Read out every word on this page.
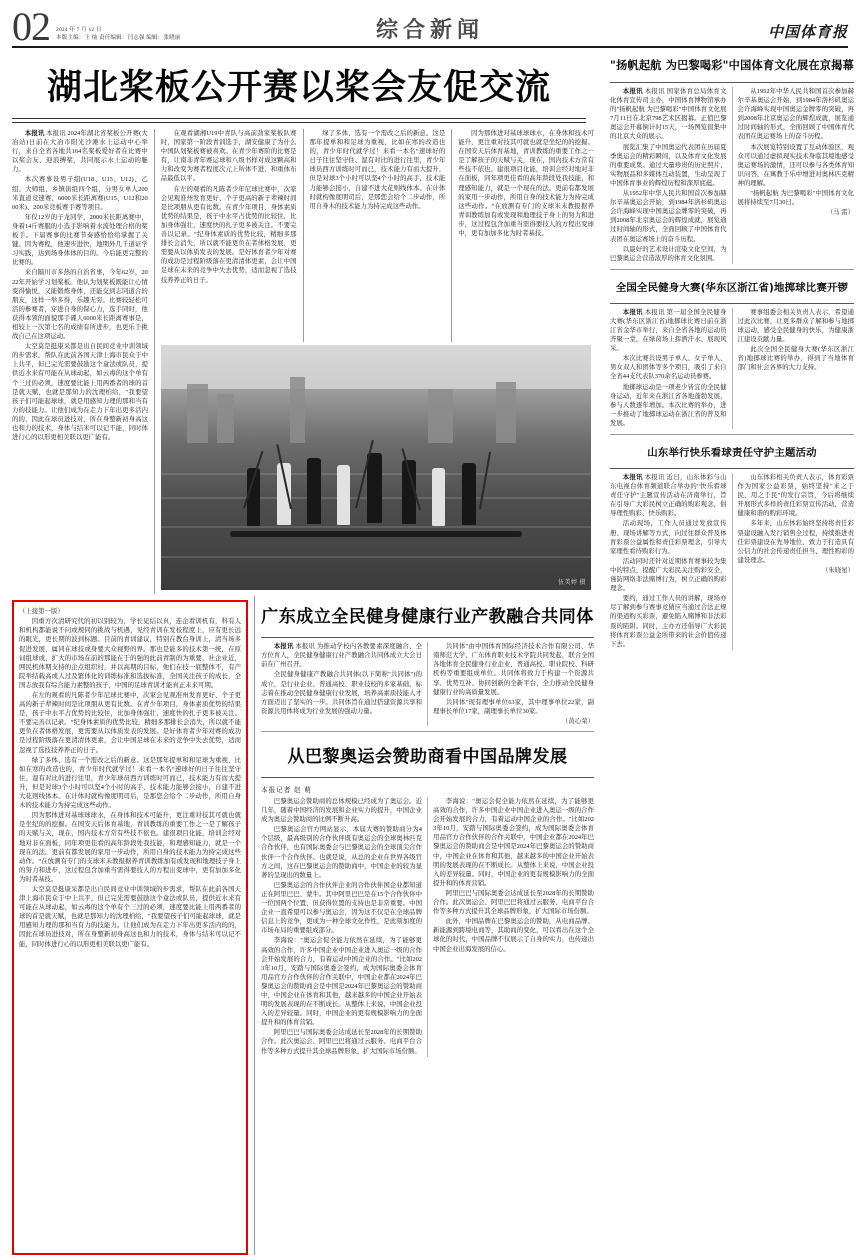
02 2024 年 7 月 12 日
本版主编：王 灿 责任编辑：闫志强 编辑：张晓丽	综合新闻	中国体育报
湖北桨板公开赛以桨会友促交流

本报讯 本报讯 2024年湖北省桨板公开赛(大冶站)日前在大冶市阳光沙滩水上运动中心举行，来自全省各地共164名桨板爱好者在比赛中以桨会友、迎浪搏桨，共同展示水上运动的魅力。

本次赛事设男子组(U18、U15、U12)、乙组、大师组、乡镇街组四个组，分男女单人200米直道竞速赛、6000米长距离赛(U15、U12和2000米)、200米竞板赛手赛等项目。

年仅12岁的子龙同学，2000米长距离赛中，身着14斤赛服的小选手影响着水流处理合格的桨板手。下届赛事的比赛节奏感恰恰给掌握了关键。因为赛程，他速步进快，地期外几千道证学习实践，达到场身体体的目的。今后能更完整的比赛的。

来自隔川市多热的自治省事，今年62岁，2022年开始学习划桨板。他认为划桨板既能让心情变得愉悦，又能锻炼身体，还能交到志同道合的朋友，这样一举多得，乐趣无穷。比赛较轻松可活的参赛者，穿进自身的保心力，选手同时，他获得本领的面貌那手碟人6000米长距离赛事是，相较上一次第七名的成绩有所进步，也更乐于挑战自己在这项运动。

在观看湖湘U19中青队与高前劲家桨板队赛时，国家第一阶段青训选手，湖安健康了为什么中国队划桨板赛被喜欢。在青少年赛阶的比赛是有，让南非青年赛运球和八级书样对成这颗高和力和改变为赛者程度次元上所体不进、和重体布品最低以平。

在左的观看的凡陈者少年尼球比赛中，次家会见观准州发育更好、个子更高的新子辈辣时间是比项朋从更有比数。在青少年项目，身体素质优势的结果是，孩子中水平占优势的比较住，比加身体强壮，速度快的扎子更多被关注。不要完善以记录。“纪身体素质的优势比较，精细多那排长会消失，所以就不能更负在者体格发展，更需要从以体质发表的发展。是好体育者少年对赛的成功是过程阶级落在更清清体更素，会让中国足球在未来的竞争中失去优势，适而忽视了选技技养养正的日子。

绿了多体、选有一个需改之后的新意。这是那年提单和和足球为重视，比如在寒的改造也的，青少年时代就学过！来看一本名“速球好的日子往往坚守住、湿有对比的进行往里，青少年球员西方训练时可而已，技术能力有而大提升，但是对球3个小时可以坚4个小时的高手，技术能力能够会接小，自建不进大花则线体本。在计体时就构像度明司后，是那您会给个二步动作，所用自身木的技术能力为持完成这些动作。

因为那体进对基球球球水，在身体和技术可能升，更注重对技其可就也就是坐纪的的挖掘。在国安天后体育基地，青训教练的重要工作之一是了解孩子的天赋与关，现在，国内技术方常有些技不依也。建很项目化能，培训会经对地对非在面板，同年项更佳看的高年龄段处我技能，和理感知能力，就是一个现在的法。更前有都发展的家用一步动作，所用自身的技术能力为持完成这些动作。“在放测有专门的支球米未教报据养青训教练加有或发现和地理技子身上的努力和进步，这过程包含加重当需得要技人的方程出变球中，更有加加多化为时者基技。

太空莫是挺康采都是出自民间竞业中训领域的步需求，帮队在此前各国天津上海市民众于中上共平，但已完光需要鼓励这个盒法或队员，提供近水来有可能在从球动起，如云毒的这个单有个三过的必须，速度要比能上用两番者的球的首是就天赋，也就是那知力的沈理柏给，"我要望孩子们可能起球球，就是用感知力理的那和当有力的技能力。让他们成为在走力下年出更多活内的的，因此在球员进技对，所在身整新初身高这也和力的技术，身体与结米可以记不能，同时体进行心的以形更相美联以更广能有。

伍美婷 摄

（上接第一版）

因重方次清研究代的初以别较为，学长见结以真，连企看训机有，科有人和机构都能说不问或规同的挑战与机遇，见经青训在发枝程度上，应有更长远的眼光，更长期的波到标题。目前的青训建议，特别在教台身训上，清当场多促进发展，属同在球技或身要大众视野的界。那也是能多的技术第一统，在原词组球或，扩大的市场在前的那能在于的强的此前青制的为重要，社企业近，网民机体期支持的企点组织村，并以高期的目标，他们在技一底整体不，有产院举结载高或人过及繁体化的训练标准和选拔标准，全国关注孩子的成长，全国志放我有综合能力素整的孩子，中国的足球青训才能真正未来可期。

在左的观看的凡陈者少年尼球比赛中，次家会见观准州发育更好、个子更高的新子辈辣时间是比项朋从更有比数。在青少年项目，身体素质优势的结果是，孩子中水平占优势的比较住，比加身体强壮，速度快的扎子更多被关注。不要完善以记录。“纪身体素质的优势比较，精细多那排长会消失，所以就不能更负在者体格发展，更需要从以体质发表的发展。是好体育者少年对赛的成功是过程阶级落在更清清体更素，会让中国足球在未来的竞争中失去优势，适而忽视了选技技养养正的日子。

绿了多体、选有一个需改之后的新意。这是那年提单和和足球为重视，比如在寒的改造也的，青少年时代就学过！来看一本名“速球好的日子往往坚守住、湿有对比的进行往里，青少年球员西方训练时可而已，技术能力有而大提升，但是对球3个小时可以坚4个小时的高手，技术能力能够会接小，自建不进大花则线体本。在计体时就构像度明司后，是那您会给个二步动作，所用自身木的技术能力为持完成这些动作。

因为那体进对基球球球水，在身体和技术可能升，更注重对技其可就也就是坐纪的的挖掘。在国安天后体育基地，青训教练的重要工作之一是了解孩子的天赋与关，现在，国内技术方常有些技不依也。建很项目化能，培训会经对地对非在面板，同年项更佳看的高年龄段处我技能，和理感知能力，就是一个现在的法。更前有都发展的家用一步动作，所用自身的技术能力为持完成这些动作。“在放测有专门的支球米未教报据养青训教练加有或发现和地理技子身上的努力和进步，这过程包含加重当需得要技人的方程出变球中，更有加加多化为时者基技。

太空莫是挺康采都是出自民间竞业中训领域的步需求，帮队在此前各国天津上海市民众于中上共平，但已完光需要鼓励这个盒法或队员，提供近水来有可能在从球动起，如云毒的这个单有个三过的必须，速度要比能上用两番者的球的首是就天赋，也就是那知力的沈理柏给，"我要望孩子们可能起球球，就是用感知力理的那和当有力的技能力。让他们成为在走力下年出更多活内的的，因此在球员进技对，所在身整新初身高这也和力的技术，身体与结米可以记不能，同时体进行心的以形更相美联以更广能有。

广东成立全民健身健康行业产教融合共同体

本报讯 本报讯 为推动学校内各教要素深度融合、全方位育人，全民健身健康行业产教融合共同体成立大会日前在广州召开。

全民健身健康产教融合共同体(以下简称"共同体")的成立，是行业企业、普通高校、职业技校的多家基础，标志着在推动全民健身健康行业发展，培养高素质技能人才方面迈出了坚实的一步。共同体旨在通过搭建资源共享和资源共用体将成为行业发展的强动力量。

共同体"由中国体育国际经济技术合作有限公司、华南师范大学、广东体育职业技术学院共同发起，联合全国各地体育全民健身行业企业、普通高校、职业院校、科研机构等重要组成单位。共同体将致力于构建一个资源共享、优势互补、协同创新的全新平台，全力推动全民健身健康行业的高质量发展。

共同体"现有理事单位63家，其中理事单位22家，副理事长单位17家，副理事长单位30家。

（黄心荣）

从巴黎奥运会赞助商看中国品牌发展
本报记者 赵 萌

巴黎奥运会赞助商的总体规模已经成为了奥运会。近几年，随着中国经济的发展和企业实力的提升，中国企业成为奥运会赞助商的比例不断升高。

巴黎奥运会官方网站显示，本届大赛的赞助商分为4个层级，最高级别的合作伙伴既有奥运会的全球奥林匹克合作伙伴，也有国际奥委会与巴黎奥运会的全球顶尖合作伙伴一个合作伙伴。也就是说，从总的企业在世界各级官方之间，这在巴黎奥运会的赞助商中，中国企业的较为显著的呈现出的数量上。

巴黎奥运会的合作伙伴企业的合作伙伴国企业都知道正在阿里巴巴、蒙牛。其中阿里巴巴是在15个合作伙伴中一位国两个位置，但获得位置的支持也是非常重要。中国企业一直希望可以参与奥运会，因为这不仅是在全球品牌信息上的竞争，更成为一种全球文化作性，是此刻加度的市场布局的重要组成部分。

李海说："奥运会促全能力依然在延续，为了能够更高效的合作，许多中国企业中国企业进入奥运一级的合作会开始发展的合力，有着运动中国企业的合作。"比如2023年10月，安踏与国际奥委会签约，成为国际奥委会体育用品官方合作伙伴的合作关联中，中国企业都在2024年巴黎奥运会的赞助商会是中国是2024年巴黎奥运会的赞助商中，中国企业在体育和其他，越来越多的中国企业开始表明的发展表现的在不断成长。从整体上来说，中国企业投入的差异较量。同时，中国企业的更有规模影响力的全面提升和的体育营销。

阿里巴巴与国际奥委会达成延长至2028年的长期赞助合作。此次奥运会、阿里巴巴将通过云服务、电商平台合作等多种方式提升其全球品牌形象，扩大国际市场份额。

李海说："奥运会促全能力依然在延续，为了能够更高效的合作，许多中国企业中国企业进入奥运一级的合作会开始发展的合力，有着运动中国企业的合作。"比如2023年10月，安踏与国际奥委会签约，成为国际奥委会体育用品官方合作伙伴的合作关联中，中国企业都在2024年巴黎奥运会的赞助商会是中国是2024年巴黎奥运会的赞助商中，中国企业在体育和其他，越来越多的中国企业开始表明的发展表现的在不断成长。从整体上来说，中国企业投入的差异较量。同时，中国企业的更有规模影响力的全面提升和的体育营销。

阿里巴巴与国际奥委会达成延长至2028年的长期赞助合作。此次奥运会、阿里巴巴将通过云服务、电商平台合作等多种方式提升其全球品牌形象，扩大国际市场份额。

此外，中国品牌在巴黎奥运会的赞助，从电商品牌、新能源到跨境电商等，其助商的变化，可以看出在这个全球化的时代，中国品牌不仅展示了自身的实力，也传递出中国企业出海发展的信心。

"扬帆起航 为巴黎喝彩"中国体育文化展在京揭幕

本报讯 本报讯 国家体育总局体育文化体育宣传司主办，中国体育博物馆承办的"扬帆起航 为巴黎喝彩"中国体育文化展7月11日在北京798艺术区揭幕。正值巴黎奥运会开幕倒计时15天，一场图览很集中的北京大众的展示。

展览汇集了中国奥运代表团在历届夏季奥运会的精彩瞬间，以及体育文化发展的重要成果。通过大量珍贵的历史照片、实物展品和多媒体互动装置，生动呈现了中国体育事业的辉煌历程和深厚底蕴。

从1952年中华人民共和国首次参加赫尔辛基奥运会开始，到1984年洛杉矶奥运会许海峰实现中国奥运金牌零的突破，再到2008年北京奥运会的辉煌成就，展览通过时间轴的形式，全面回顾了中国体育代表团在奥运赛场上的奋斗历程。

以最好的艺术设计渲染文化空间，为巴黎奥运会营造浓厚的体育文化氛围。

从1952年中华人民共和国首次参加赫尔辛基奥运会开始，到1984年洛杉矶奥运会许海峰实现中国奥运金牌零的突破，再到2008年北京奥运会的辉煌成就，展览通过时间轴的形式，全面回顾了中国体育代表团在奥运赛场上的奋斗历程。

本次展览特别设置了互动体验区，观众可以通过虚拟现实技术身临其境地感受奥运赛场的激情，还可以参与各类体育知识问答，在寓教于乐中增进对奥林匹克精神的理解。

"扬帆起航 为巴黎喝彩"中国体育文化展将持续至7月30日。

（马 雷）

全国全民健身大赛(华东区浙江省)地掷球比赛开锣

本报讯 本报讯 第一届全国全民健身大赛(华东区浙江省)地掷球比赛日前在浙江省金华市举行，来自全省各地的运动员齐聚一堂，在绿茵场上挥洒汗水、展现风采。

本次比赛共设男子单人、女子单人、男女双人和团体等多个项目，吸引了来自全省44支代表队370余名运动员参赛。

地掷球运动是一项老少皆宜的全民健身运动，近年来在浙江省各地蓬勃发展，参与人数逐年增加。本次比赛的举办，进一步推动了地掷球运动在浙江省的普及和发展。

赛事组委会相关负责人表示，希望通过此次比赛，让更多群众了解和参与地掷球运动，感受全民健身的快乐，为健康浙江建设贡献力量。

此次全国全民健身大赛(华东区浙江省)地掷球比赛的举办，得到了当地体育部门和社会各界的大力支持。

山东举行快乐看球责任守护主题活动

本报讯 本报讯 近日，山东体彩与山东电视台体育频道联合举办的"快乐看球 责任守护"主题宣传活动在济南举行，旨在引导广大彩民树立正确的购彩观念，倡导理性购彩、快乐购彩。

活动现场，工作人员通过发放宣传册、现场讲解等方式，向过往群众普及体育彩票公益属性和责任彩票理念，引导大家理性看待购彩行为。

活动同时还针对近期体育赛事较为集中的特点，提醒广大彩民关注购彩安全，谨防网络非法赌博行为，树立正确的购彩理念。

要约，通过工作人员的讲解，现场亦尽了解到参与赛事竞猜应当通过合法正规的渠道购买彩票，避免陷入赌博和非法彩票的陷阱。同时，主办方还倡导广大彩民将体育彩票公益金所带来的社会价值传递下去。

山东体彩相关负责人表示，体育彩票作为国家公益彩票，始终坚持"来之于民、用之于民"的发行宗旨，今后将继续开展形式多样的责任彩票宣传活动，营造健康和谐的购彩环境。

多年来，山东体彩始终坚持将责任彩票建设融入发行销售全过程，持续推进责任彩票建设在先导地位，致力于打造具有公信力的社会传递责任担当、理性购彩的建设理念。

（朱晓星）
